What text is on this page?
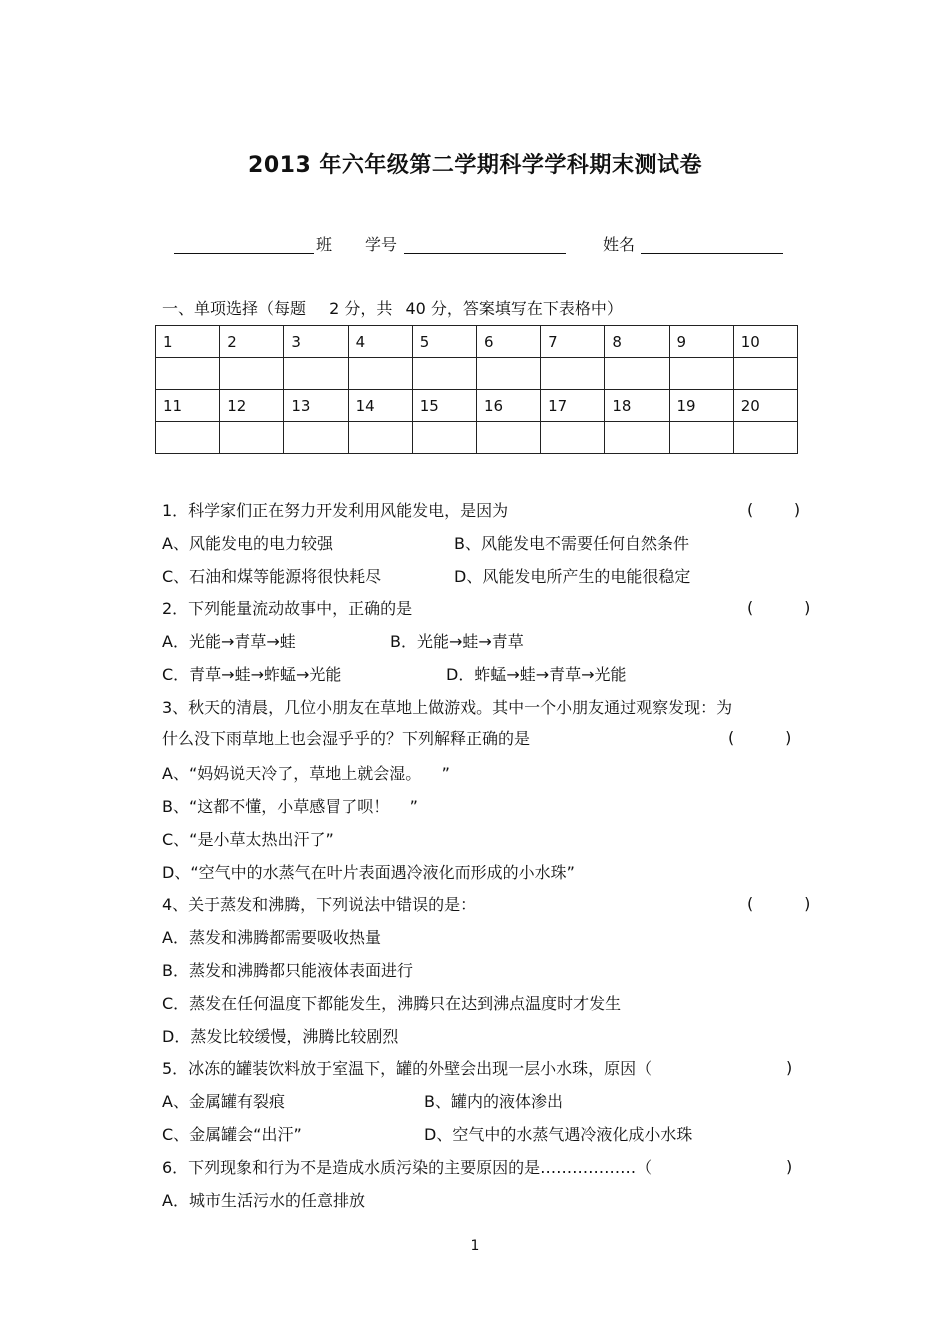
2013 年六年级第二学期科学学科期末测试卷
班 学号	姓名
一、单项选择（每题 2 分，共 40 分，答案填写在下表格中）
1	2	3	4	5	6	7	8	9	10

11	12	13	14	15	16	17	18	19	20

1．科学家们正在努力开发利用风能发电，是因为	(        )
A、风能发电的电力较强	B、风能发电不需要任何自然条件
C、石油和煤等能源将很快耗尽	D、风能发电所产生的电能很稳定
2．下列能量流动故事中，正确的是	(          )
A．光能→青草→蛙	B．光能→蛙→青草
C．青草→蛙→蚱蜢→光能	D．蚱蜢→蛙→青草→光能
3、秋天的清晨，几位小朋友在草地上做游戏。其中一个小朋友通过观察发现：为
什么没下雨草地上也会湿乎乎的？下列解释正确的是	(          )
A、“妈妈说天冷了，草地上就会湿。    ”
B、“这都不懂，小草感冒了呗！    ”
C、“是小草太热出汗了”
D、“空气中的水蒸气在叶片表面遇冷液化而形成的小水珠”
4、关于蒸发和沸腾，下列说法中错误的是：	(          )
A．蒸发和沸腾都需要吸收热量
B．蒸发和沸腾都只能液体表面进行
C．蒸发在任何温度下都能发生，沸腾只在达到沸点温度时才发生
D．蒸发比较缓慢，沸腾比较剧烈
5．冰冻的罐装饮料放于室温下，罐的外壁会出现一层小水珠，原因（	)
A、金属罐有裂痕	B、罐内的液体渗出
C、金属罐会“出汗”	D、空气中的水蒸气遇冷液化成小水珠
6．下列现象和行为不是造成水质污染的主要原因的是………………（	)
A．城市生活污水的任意排放
1
